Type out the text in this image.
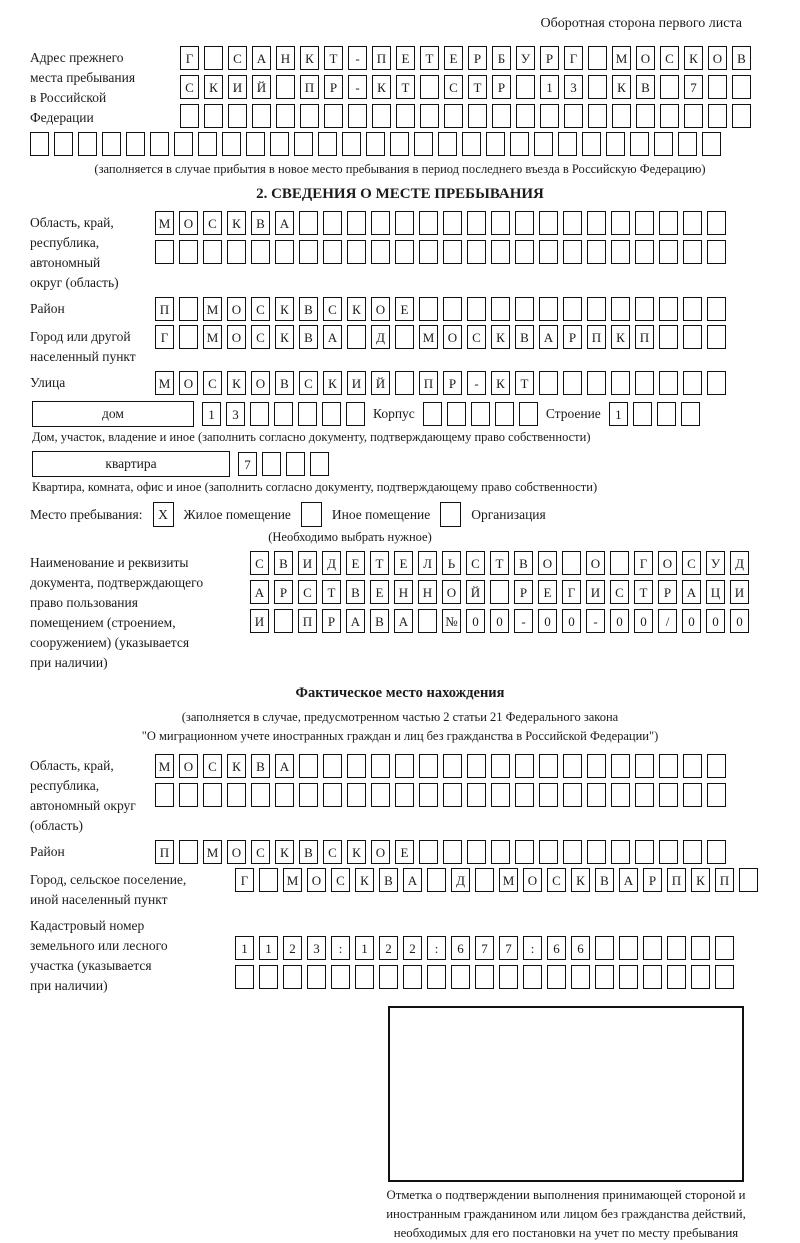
Оборотная сторона первого листа
Адрес прежнего
места пребывания
в Российской
Федерации
Г	С	А	Н	К	Т	-	П	Е	Т	Е	Р	Б	У	Р	Г	М	О	С	К	О	В
С	К	И	Й	П	Р	-	К	Т	С	Т	Р	1	3	К	В	7
(заполняется в случае прибытия в новое место пребывания в период последнего въезда в Российскую Федерацию)
2. СВЕДЕНИЯ О МЕСТЕ ПРЕБЫВАНИЯ
Область, край,
республика,
автономный
округ (область)
М	О	С	К	В	А
Район	П	М	О	С	К	В	С	К	О	Е
Город или другой
населенный пункт
Г	М	О	С	К	В	А	Д	М	О	С	К	В	А	Р	П	К	П
Улица	М	О	С	К	О	В	С	К	И	Й	П	Р	-	К	Т
дом	1	3	Корпус	Строение	1
Дом, участок, владение и иное (заполнить согласно документу, подтверждающему право собственности)
квартира	7
Квартира, комната, офис и иное (заполнить согласно документу, подтверждающему право собственности)
Место пребывания:	X	Жилое помещение	Иное помещение	Организация
(Необходимо выбрать нужное)
Наименование и реквизиты
документа, подтверждающего
право пользования
помещением (строением,
сооружением) (указывается
при наличии)
С	В	И	Д	Е	Т	Е	Л	Ь	С	Т	В	О	О	Г	О	С	У	Д
А	Р	С	Т	В	Е	Н	Н	О	Й	Р	Е	Г	И	С	Т	Р	А	Ц	И
И	П	Р	А	В	А	№	0	0	-	0	0	-	0	0	/	0	0	0
Фактическое место нахождения
(заполняется в случае, предусмотренном частью 2 статьи 21 Федерального закона
"О миграционном учете иностранных граждан и лиц без гражданства в Российской Федерации")
Область, край,
республика,
автономный округ
(область)
М	О	С	К	В	А
Район	П	М	О	С	К	В	С	К	О	Е
Город, сельское поселение,
иной населенный пункт
Г	М	О	С	К	В	А	Д	М	О	С	К	В	А	Р	П	К	П
Кадастровый номер
земельного или лесного
участка (указывается
при наличии)
1	1	2	3	:	1	2	2	:	6	7	7	:	6	6
Отметка о подтверждении выполнения принимающей стороной и иностранным гражданином или лицом без гражданства действий, необходимых для его постановки на учет по месту пребывания
